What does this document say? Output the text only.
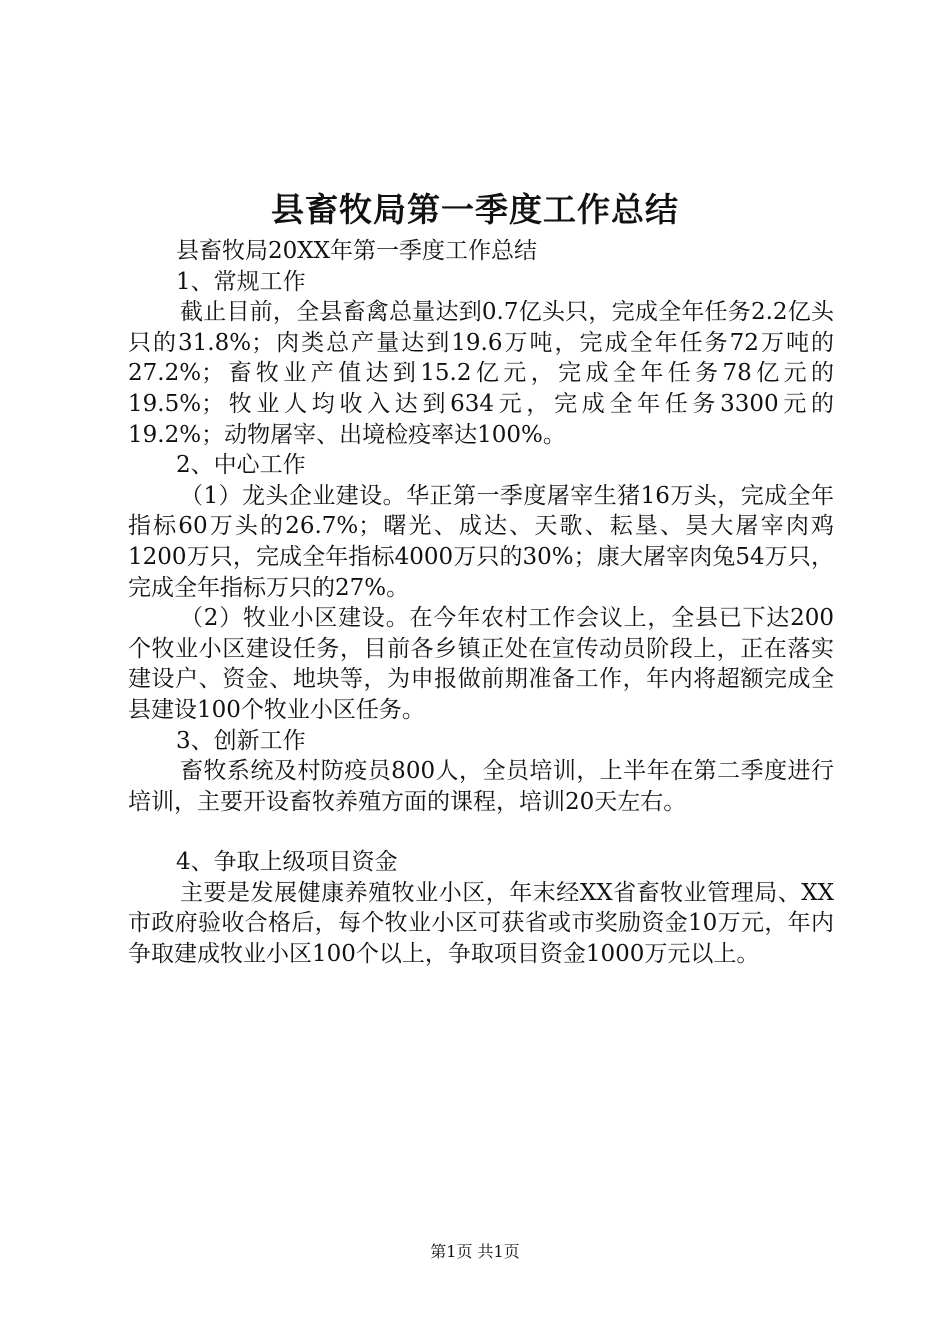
县畜牧局第一季度工作总结

县畜牧局20XX年第一季度工作总结

1、常规工作

截止目前，全县畜禽总量达到0.7亿头只，完成全年任务2.2亿头只的31.8%；肉类总产量达到19.6万吨，完成全年任务72万吨的27.2%；畜牧业产值达到15.2亿元，完成全年任务78亿元的19.5%；牧业人均收入达到634元，完成全年任务3300元的19.2%；动物屠宰、出境检疫率达100%。

2、中心工作

（1）龙头企业建设。华正第一季度屠宰生猪16万头，完成全年指标60万头的26.7%；曙光、成达、天歌、耘垦、昊大屠宰肉鸡1200万只，完成全年指标4000万只的30%；康大屠宰肉兔54万只，完成全年指标万只的27%。

（2）牧业小区建设。在今年农村工作会议上，全县已下达200个牧业小区建设任务，目前各乡镇正处在宣传动员阶段上，正在落实建设户、资金、地块等，为申报做前期准备工作，年内将超额完成全县建设100个牧业小区任务。

3、创新工作

畜牧系统及村防疫员800人，全员培训，上半年在第二季度进行培训，主要开设畜牧养殖方面的课程，培训20天左右。

4、争取上级项目资金

主要是发展健康养殖牧业小区，年末经XX省畜牧业管理局、XX市政府验收合格后，每个牧业小区可获省或市奖励资金10万元，年内争取建成牧业小区100个以上，争取项目资金1000万元以上。

第1页 共1页
